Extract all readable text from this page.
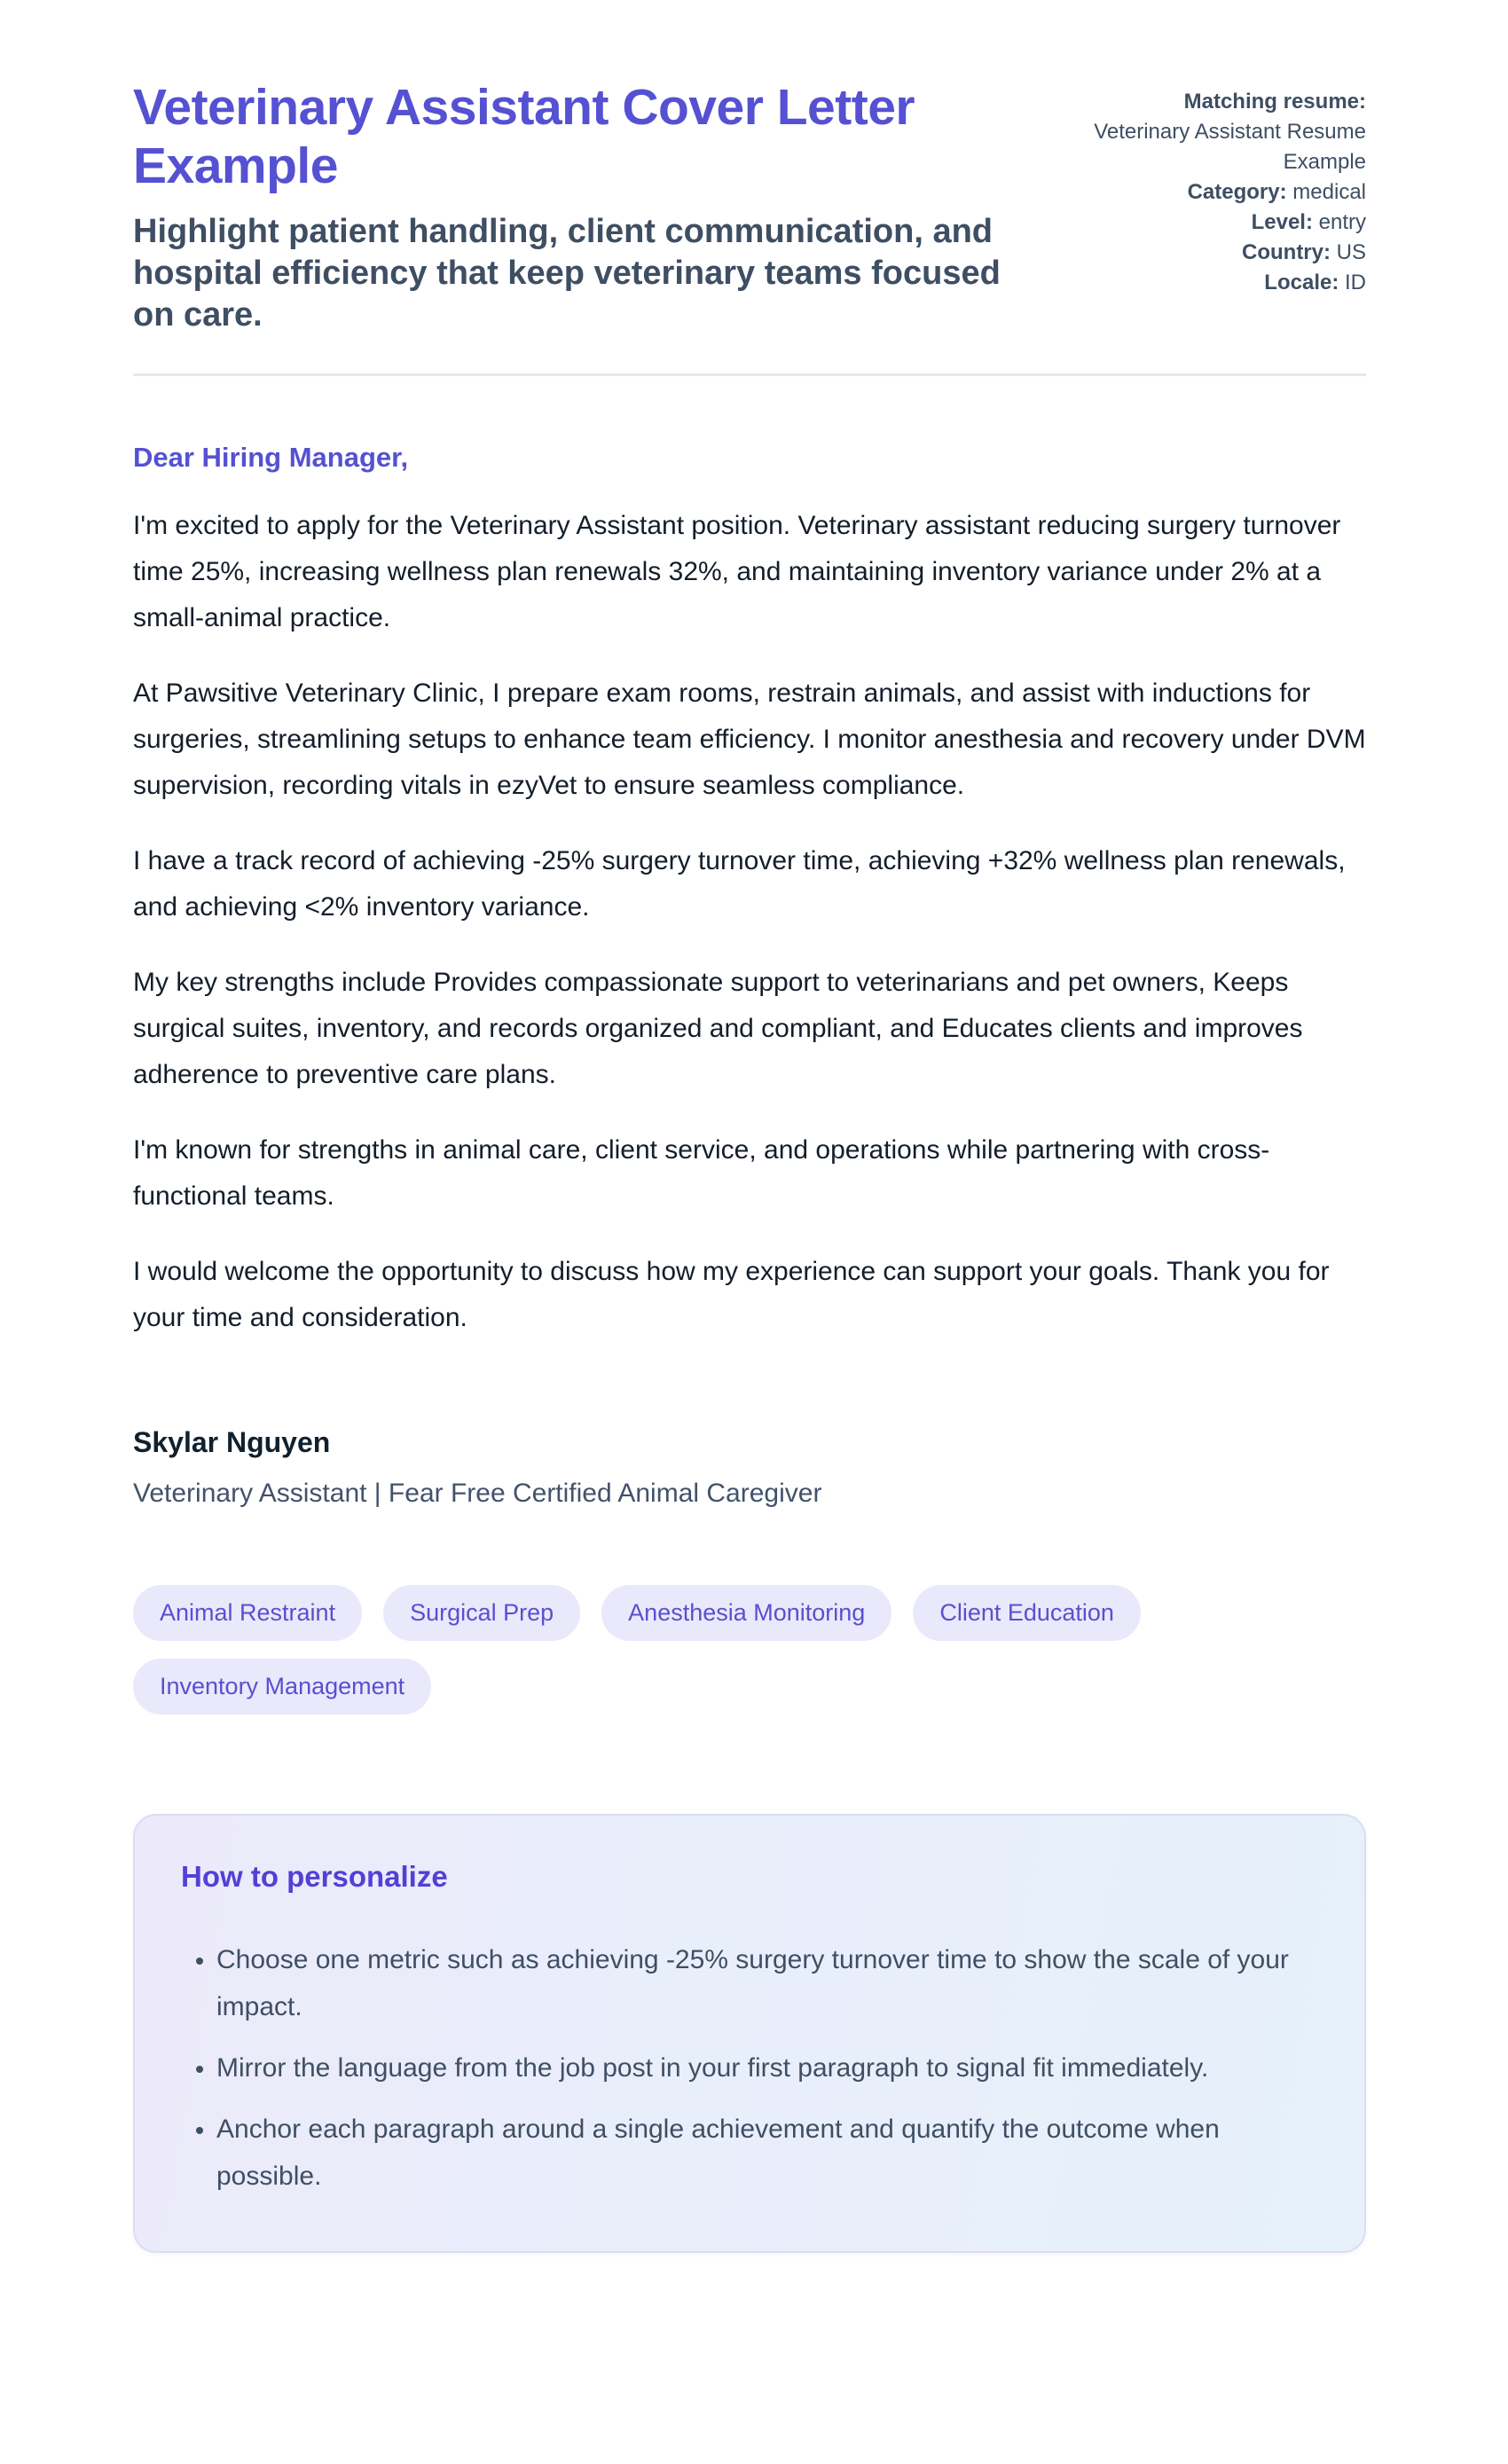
Veterinary Assistant Cover Letter Example

Highlight patient handling, client communication, and hospital efficiency that keep veterinary teams focused on care.

Matching resume: Veterinary Assistant Resume Example
Category: medical
Level: entry
Country: US
Locale: ID

Dear Hiring Manager,

I'm excited to apply for the Veterinary Assistant position. Veterinary assistant reducing surgery turnover time 25%, increasing wellness plan renewals 32%, and maintaining inventory variance under 2% at a small-animal practice.

At Pawsitive Veterinary Clinic, I prepare exam rooms, restrain animals, and assist with inductions for surgeries, streamlining setups to enhance team efficiency. I monitor anesthesia and recovery under DVM supervision, recording vitals in ezyVet to ensure seamless compliance.

I have a track record of achieving -25% surgery turnover time, achieving +32% wellness plan renewals, and achieving <2% inventory variance.

My key strengths include Provides compassionate support to veterinarians and pet owners, Keeps surgical suites, inventory, and records organized and compliant, and Educates clients and improves adherence to preventive care plans.

I'm known for strengths in animal care, client service, and operations while partnering with cross-functional teams.

I would welcome the opportunity to discuss how my experience can support your goals. Thank you for your time and consideration.

Skylar Nguyen

Veterinary Assistant | Fear Free Certified Animal Caregiver

Animal Restraint	Surgical Prep	Anesthesia Monitoring	Client Education
Inventory Management
How to personalize
• Choose one metric such as achieving -25% surgery turnover time to show the scale of your impact.
• Mirror the language from the job post in your first paragraph to signal fit immediately.
• Anchor each paragraph around a single achievement and quantify the outcome when possible.
